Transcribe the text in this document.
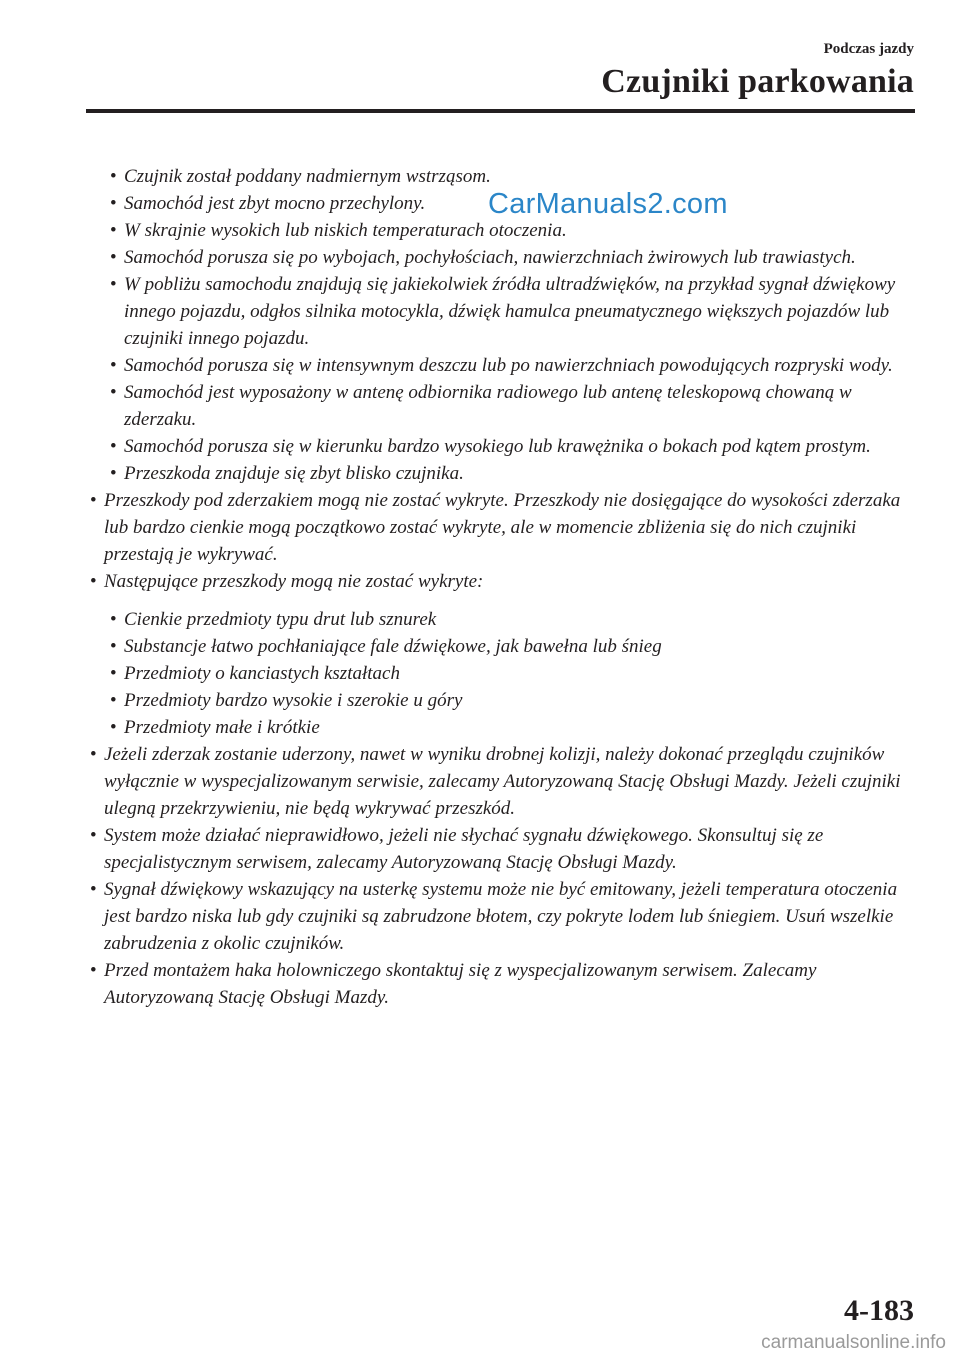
Podczas jazdy
Czujniki parkowania
CarManuals2.com
• Czujnik został poddany nadmiernym wstrząsom.
• Samochód jest zbyt mocno przechylony.
• W skrajnie wysokich lub niskich temperaturach otoczenia.
• Samochód porusza się po wybojach, pochyłościach, nawierzchniach żwirowych lub trawiastych.
• W pobliżu samochodu znajdują się jakiekolwiek źródła ultradźwięków, na przykład sygnał dźwiękowy innego pojazdu, odgłos silnika motocykla, dźwięk hamulca pneumatycznego większych pojazdów lub czujniki innego pojazdu.
• Samochód porusza się w intensywnym deszczu lub po nawierzchniach powodujących rozpryski wody.
• Samochód jest wyposażony w antenę odbiornika radiowego lub antenę teleskopową chowaną w zderzaku.
• Samochód porusza się w kierunku bardzo wysokiego lub krawężnika o bokach pod kątem prostym.
• Przeszkoda znajduje się zbyt blisko czujnika.
• Przeszkody pod zderzakiem mogą nie zostać wykryte. Przeszkody nie dosięgające do wysokości zderzaka lub bardzo cienkie mogą początkowo zostać wykryte, ale w momencie zbliżenia się do nich czujniki przestają je wykrywać.
• Następujące przeszkody mogą nie zostać wykryte:
• Cienkie przedmioty typu drut lub sznurek
• Substancje łatwo pochłaniające fale dźwiękowe, jak bawełna lub śnieg
• Przedmioty o kanciastych kształtach
• Przedmioty bardzo wysokie i szerokie u góry
• Przedmioty małe i krótkie
• Jeżeli zderzak zostanie uderzony, nawet w wyniku drobnej kolizji, należy dokonać przeglądu czujników wyłącznie w wyspecjalizowanym serwisie, zalecamy Autoryzowaną Stację Obsługi Mazdy. Jeżeli czujniki ulegną przekrzywieniu, nie będą wykrywać przeszkód.
• System może działać nieprawidłowo, jeżeli nie słychać sygnału dźwiękowego. Skonsultuj się ze specjalistycznym serwisem, zalecamy Autoryzowaną Stację Obsługi Mazdy.
• Sygnał dźwiękowy wskazujący na usterkę systemu może nie być emitowany, jeżeli temperatura otoczenia jest bardzo niska lub gdy czujniki są zabrudzone błotem, czy pokryte lodem lub śniegiem. Usuń wszelkie zabrudzenia z okolic czujników.
• Przed montażem haka holowniczego skontaktuj się z wyspecjalizowanym serwisem. Zalecamy Autoryzowaną Stację Obsługi Mazdy.
4-183
carmanualsonline.info
